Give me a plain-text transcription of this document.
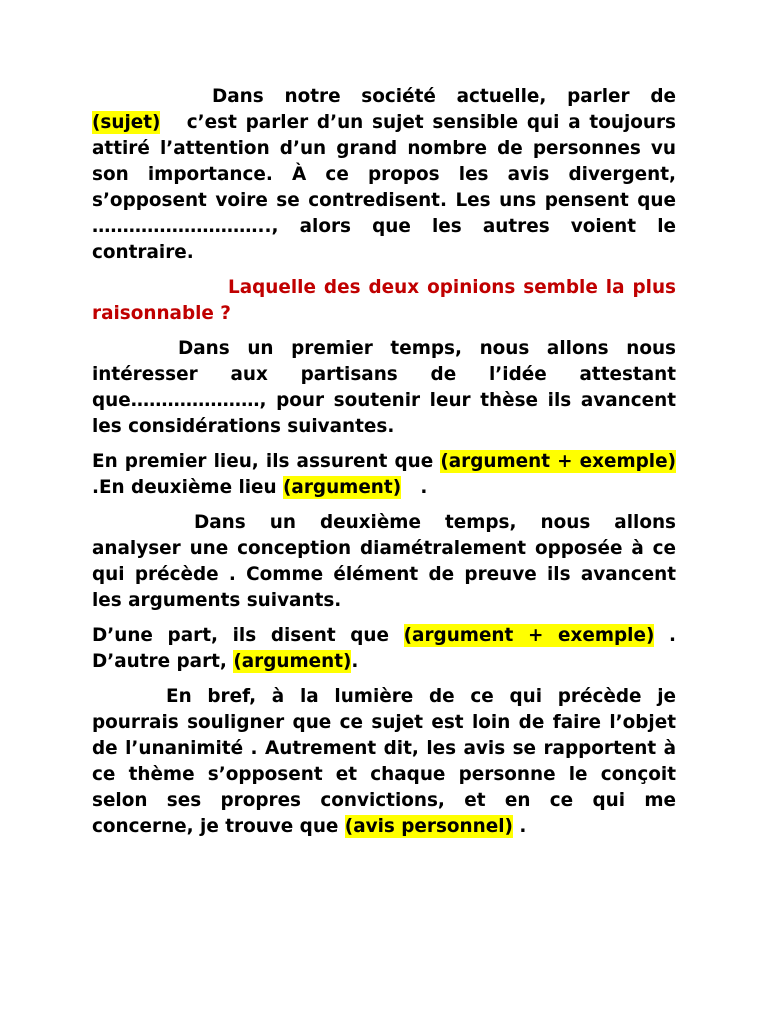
Dans notre société actuelle, parler de (sujet) c’est parler d’un sujet sensible qui a toujours attiré l’attention d’un grand nombre de personnes vu son importance. À ce propos les avis divergent, s’opposent voire se contredisent. Les uns pensent que ……………………….., alors que les autres voient le contraire.

Laquelle des deux opinions semble la plus raisonnable ?

Dans un premier temps, nous allons nous intéresser aux partisans de l’idée attestant que…………………, pour soutenir leur thèse ils avancent les considérations suivantes.

En premier lieu, ils assurent que (argument + exemple) .En deuxième lieu (argument) .

Dans un deuxième temps, nous allons analyser une conception diamétralement opposée à ce qui précède . Comme élément de preuve ils avancent les arguments suivants.

D’une part, ils disent que (argument + exemple) . D’autre part, (argument).

En bref, à la lumière de ce qui précède je pourrais souligner que ce sujet est loin de faire l’objet de l’unanimité . Autrement dit, les avis se rapportent à ce thème s’opposent et chaque personne le conçoit selon ses propres convictions, et en ce qui me concerne, je trouve que (avis personnel) .
